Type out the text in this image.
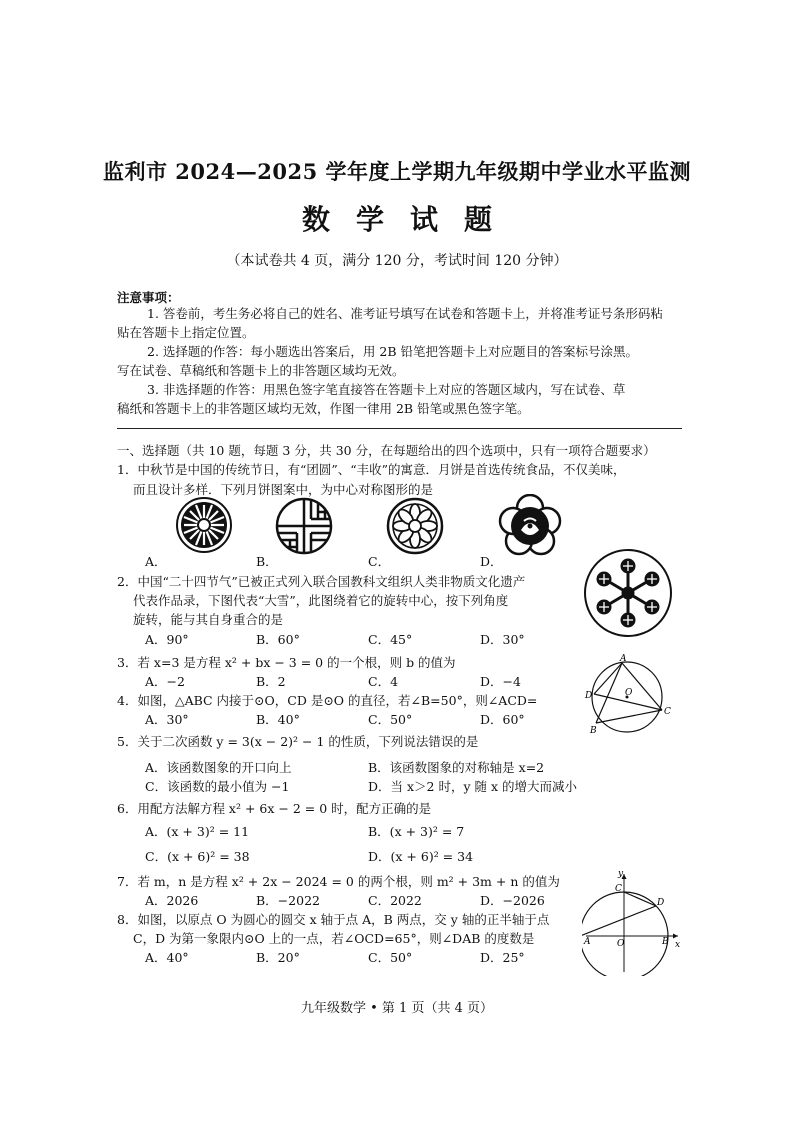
监利市 2024—2025 学年度上学期九年级期中学业水平监测
数学试题
（本试卷共 4 页，满分 120 分，考试时间 120 分钟）
注意事项：
1. 答卷前，考生务必将自己的姓名、准考证号填写在试卷和答题卡上，并将准考证号条形码粘
贴在答题卡上指定位置。
2. 选择题的作答：每小题选出答案后，用 2B 铅笔把答题卡上对应题目的答案标号涂黑。
写在试卷、草稿纸和答题卡上的非答题区域均无效。
3. 非选择题的作答：用黑色签字笔直接答在答题卡上对应的答题区域内，写在试卷、草
稿纸和答题卡上的非答题区域均无效，作图一律用 2B 铅笔或黑色签字笔。
一、选择题（共 10 题，每题 3 分，共 30 分，在每题给出的四个选项中，只有一项符合题要求）
1．中秋节是中国的传统节日，有“团圆”、“丰收”的寓意．月饼是首选传统食品，不仅美味，
而且设计多样．下列月饼图案中，为中心对称图形的是
A．	B．	C．	D．
2．中国“二十四节气”已被正式列入联合国教科文组织人类非物质文化遗产
代表作品录，下图代表“大雪”，此图绕着它的旋转中心，按下列角度
旋转，能与其自身重合的是
A．90°	B．60°	C．45°	D．30°
3．若 x=3 是方程 x² + bx − 3 = 0 的一个根，则 b 的值为
A．−2	B．2	C．4	D．−4
4．如图，△ABC 内接于⊙O，CD 是⊙O 的直径，若∠B=50°，则∠ACD=
A
D	O
C
B
A．30°	B．40°	C．50°	D．60°
5．关于二次函数 y = 3(x − 2)² − 1 的性质，下列说法错误的是
A．该函数图象的开口向上	B．该函数图象的对称轴是 x=2
C．该函数的最小值为 −1	D．当 x＞2 时，y 随 x 的增大而减小
6．用配方法解方程 x² + 6x − 2 = 0 时，配方正确的是
A．(x + 3)² = 11	B．(x + 3)² = 7
C．(x + 6)² = 38	D．(x + 6)² = 34
7．若 m，n 是方程 x² + 2x − 2024 = 0 的两个根，则 m² + 3m + n 的值为
A．2026	B．−2022	C．2022	D．−2026
8．如图，以原点 O 为圆心的圆交 x 轴于点 A，B 两点，交 y 轴的正半轴于点
C，D 为第一象限内⊙O 上的一点，若∠OCD=65°，则∠DAB 的度数是
y
C
D
A	O	B x
A．40°	B．20°	C．50°	D．25°
九年级数学 • 第 1 页（共 4 页）
